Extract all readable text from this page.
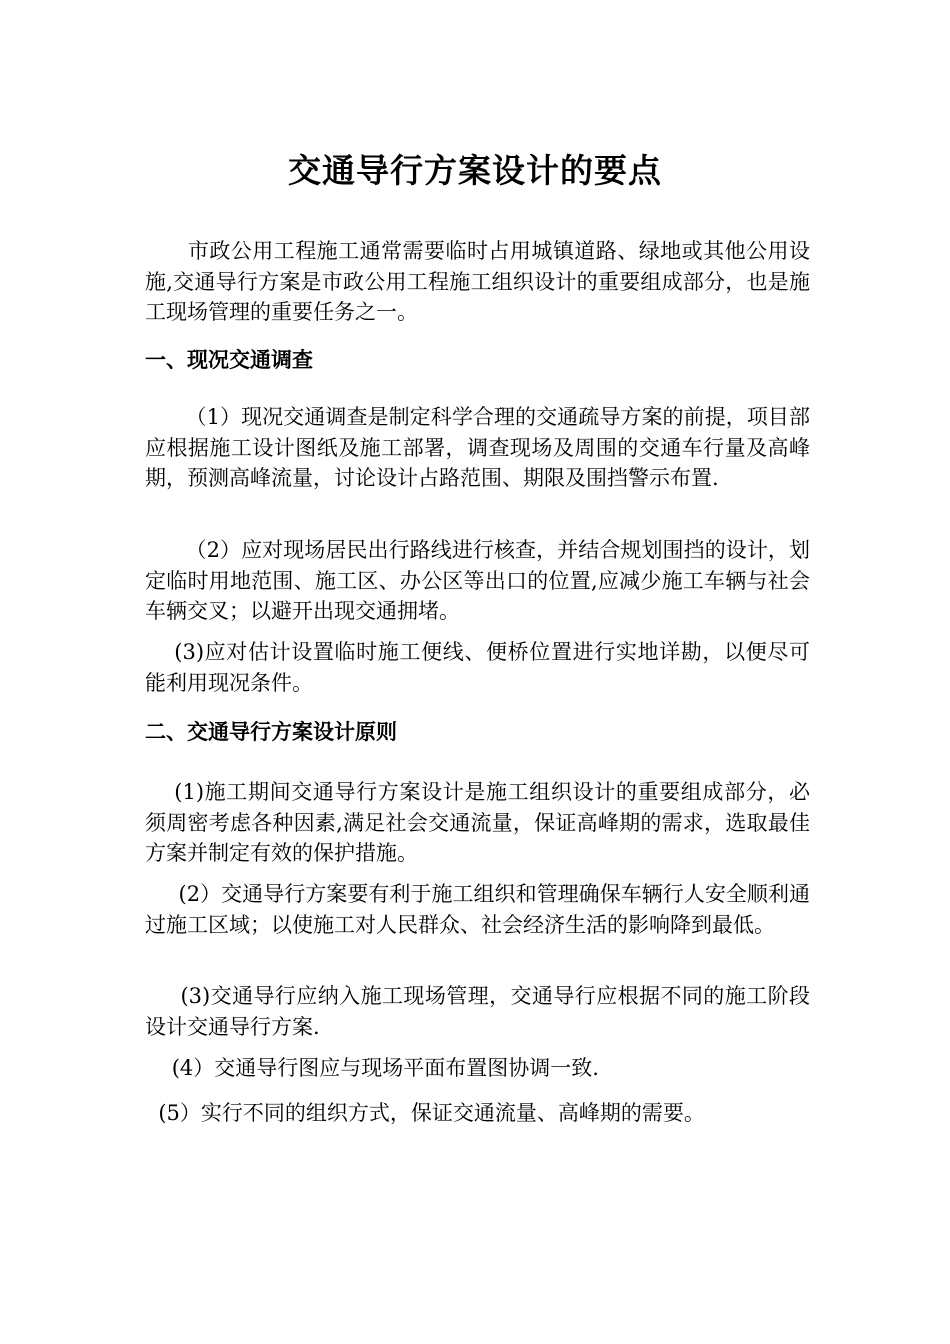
交通导行方案设计的要点

市政公用工程施工通常需要临时占用城镇道路、绿地或其他公用设施,交通导行方案是市政公用工程施工组织设计的重要组成部分，也是施工现场管理的重要任务之一。

一、现况交通调查

（1）现况交通调查是制定科学合理的交通疏导方案的前提，项目部应根据施工设计图纸及施工部署，调查现场及周围的交通车行量及高峰期，预测高峰流量，讨论设计占路范围、期限及围挡警示布置.

（2）应对现场居民出行路线进行核查，并结合规划围挡的设计，划定临时用地范围、施工区、办公区等出口的位置,应减少施工车辆与社会车辆交叉；以避开出现交通拥堵。

(3)应对估计设置临时施工便线、便桥位置进行实地详勘，以便尽可能利用现况条件。

二、交通导行方案设计原则

(1)施工期间交通导行方案设计是施工组织设计的重要组成部分，必须周密考虑各种因素,满足社会交通流量，保证高峰期的需求，选取最佳方案并制定有效的保护措施。

(2）交通导行方案要有利于施工组织和管理确保车辆行人安全顺利通过施工区域；以使施工对人民群众、社会经济生活的影响降到最低。

(3)交通导行应纳入施工现场管理，交通导行应根据不同的施工阶段设计交通导行方案.

(4）交通导行图应与现场平面布置图协调一致.

(5）实行不同的组织方式，保证交通流量、高峰期的需要。
